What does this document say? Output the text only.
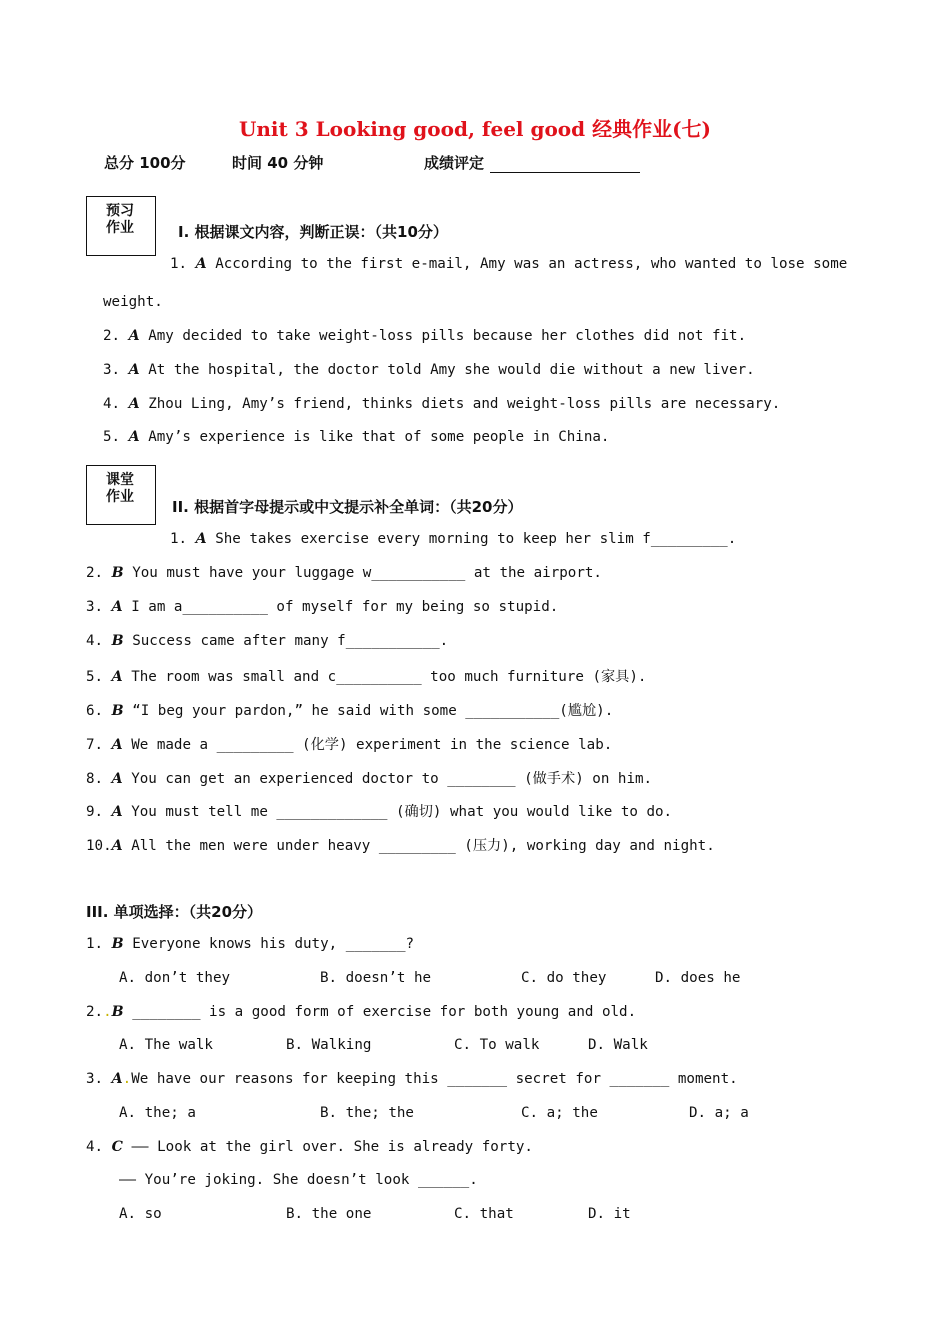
Unit 3 Looking good, feel good 经典作业(七)
总分 100分	时间 40 分钟	成绩评定
预习
作业	I. 根据课文内容，判断正误：（共10分）
1. A According to the first e-mail, Amy was an actress, who wanted to lose some
weight.
2. A Amy decided to take weight-loss pills because her clothes did not fit.
3. A At the hospital, the doctor told Amy she would die without a new liver.
4. A Zhou Ling, Amy’s friend, thinks diets and weight-loss pills are necessary.
5. A Amy’s experience is like that of some people in China.
课堂
作业
II. 根据首字母提示或中文提示补全单词：（共20分）
1. A She takes exercise every morning to keep her slim f_________.
2. B You must have your luggage w___________ at the airport.
3. A I am a__________ of myself for my being so stupid.
4. B Success came after many f___________.
5. A The room was small and c__________ too much furniture (家具).
6. B “I beg your pardon,” he said with some ___________(尴尬).
7. A We made a _________ (化学) experiment in the science lab.
8. A You can get an experienced doctor to ________ (做手术) on him.
9. A You must tell me _____________ (确切) what you would like to do.
10.A All the men were under heavy _________ (压力), working day and night.
III. 单项选择：（共20分）
1. B Everyone knows his duty, _______?
A. don’t they	B. doesn’t he	C. do they	D. does he
2..B ________ is a good form of exercise for both young and old.
A. The walk	B. Walking	C. To walk	D. Walk
3. A.We have our reasons for keeping this _______ secret for _______ moment.
A. the; a	B. the; the	C. a; the	D. a; a
4. C —— Look at the girl over. She is already forty.
—— You’re joking. She doesn’t look ______.
A. so	B. the one	C. that	D. it
